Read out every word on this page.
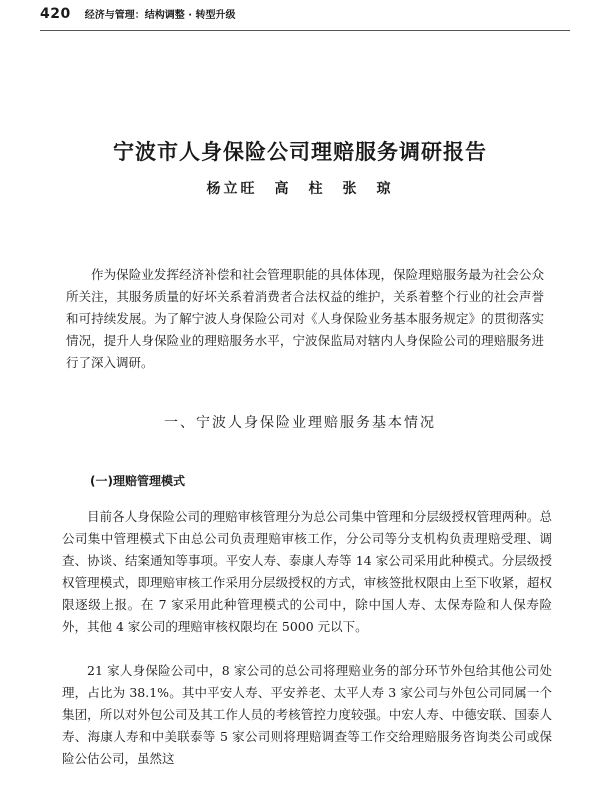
420 经济与管理：结构调整 · 转型升级
宁波市人身保险公司理赔服务调研报告
杨立旺　高　柱　张　琼

作为保险业发挥经济补偿和社会管理职能的具体体现，保险理赔服务最为社会公众所关注，其服务质量的好坏关系着消费者合法权益的维护，关系着整个行业的社会声誉和可持续发展。为了解宁波人身保险公司对《人身保险业务基本服务规定》的贯彻落实情况，提升人身保险业的理赔服务水平，宁波保监局对辖内人身保险公司的理赔服务进行了深入调研。

一、宁波人身保险业理赔服务基本情况
(一)理赔管理模式

目前各人身保险公司的理赔审核管理分为总公司集中管理和分层级授权管理两种。总公司集中管理模式下由总公司负责理赔审核工作，分公司等分支机构负责理赔受理、调查、协谈、结案通知等事项。平安人寿、泰康人寿等 14 家公司采用此种模式。分层级授权管理模式，即理赔审核工作采用分层级授权的方式，审核签批权限由上至下收紧，超权限逐级上报。在 7 家采用此种管理模式的公司中，除中国人寿、太保寿险和人保寿险外，其他 4 家公司的理赔审核权限均在 5000 元以下。

21 家人身保险公司中，8 家公司的总公司将理赔业务的部分环节外包给其他公司处理，占比为 38.1%。其中平安人寿、平安养老、太平人寿 3 家公司与外包公司同属一个集团，所以对外包公司及其工作人员的考核管控力度较强。中宏人寿、中德安联、国泰人寿、海康人寿和中美联泰等 5 家公司则将理赔调查等工作交给理赔服务咨询类公司或保险公估公司，虽然这
